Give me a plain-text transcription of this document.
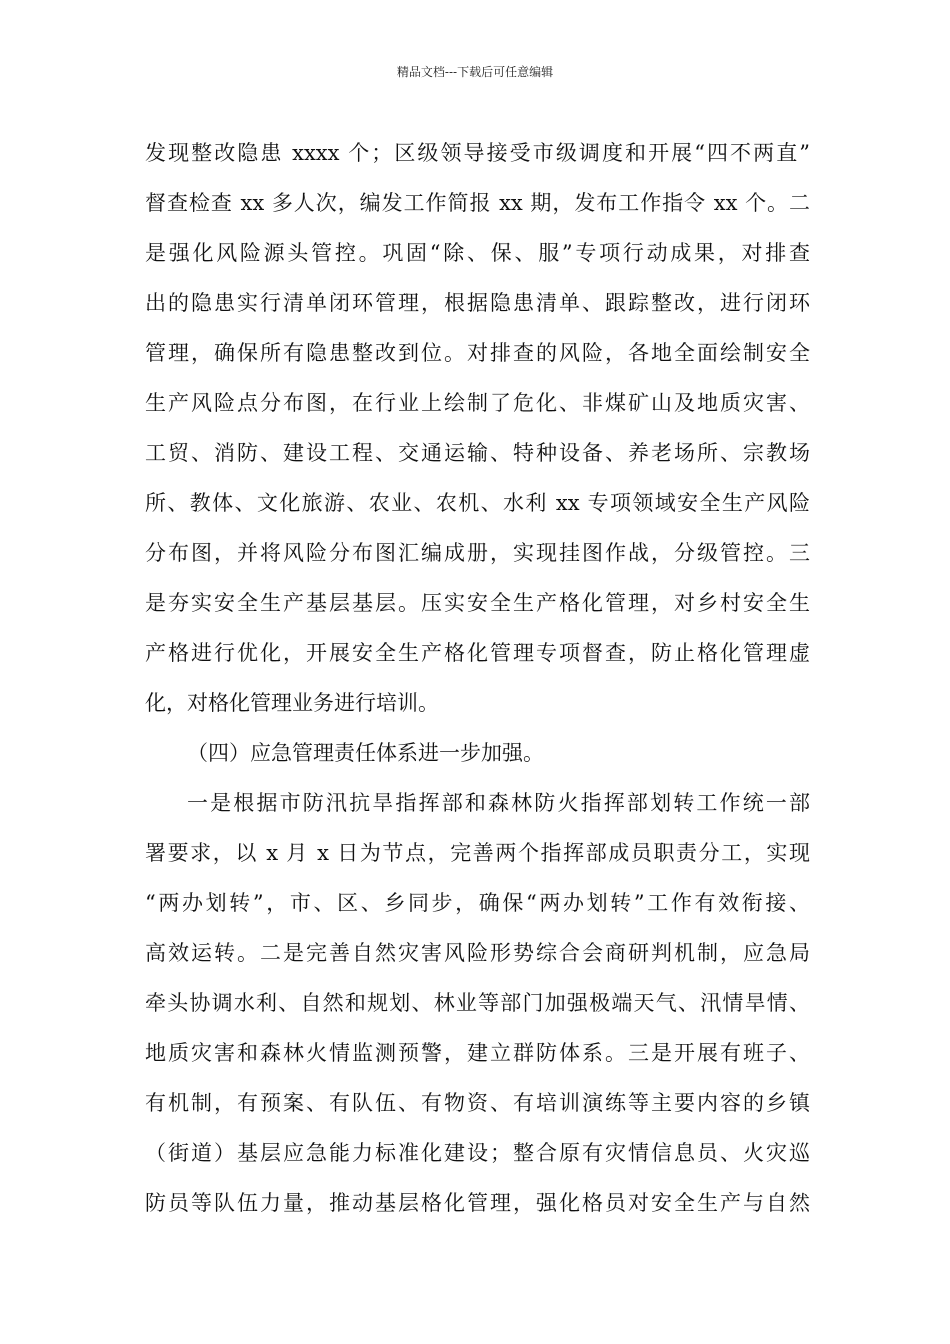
精品文档---下载后可任意编辑
发现整改隐患 xxxx 个；区级领导接受市级调度和开展“四不两直”
督查检查 xx 多人次，编发工作简报 xx 期，发布工作指令 xx 个。二
是强化风险源头管控。巩固“除、保、服”专项行动成果，对排查
出的隐患实行清单闭环管理，根据隐患清单、跟踪整改，进行闭环
管理，确保所有隐患整改到位。对排查的风险，各地全面绘制安全
生产风险点分布图，在行业上绘制了危化、非煤矿山及地质灾害、
工贸、消防、建设工程、交通运输、特种设备、养老场所、宗教场
所、教体、文化旅游、农业、农机、水利 xx 专项领域安全生产风险
分布图，并将风险分布图汇编成册，实现挂图作战，分级管控。三
是夯实安全生产基层基层。压实安全生产格化管理，对乡村安全生
产格进行优化，开展安全生产格化管理专项督查，防止格化管理虚
化，对格化管理业务进行培训。
（四）应急管理责任体系进一步加强。
一是根据市防汛抗旱指挥部和森林防火指挥部划转工作统一部
署要求，以 x 月 x 日为节点，完善两个指挥部成员职责分工，实现
“两办划转”，市、区、乡同步，确保“两办划转”工作有效衔接、
高效运转。二是完善自然灾害风险形势综合会商研判机制，应急局
牵头协调水利、自然和规划、林业等部门加强极端天气、汛情旱情、
地质灾害和森林火情监测预警，建立群防体系。三是开展有班子、
有机制，有预案、有队伍、有物资、有培训演练等主要内容的乡镇
（街道）基层应急能力标准化建设；整合原有灾情信息员、火灾巡
防员等队伍力量，推动基层格化管理，强化格员对安全生产与自然
